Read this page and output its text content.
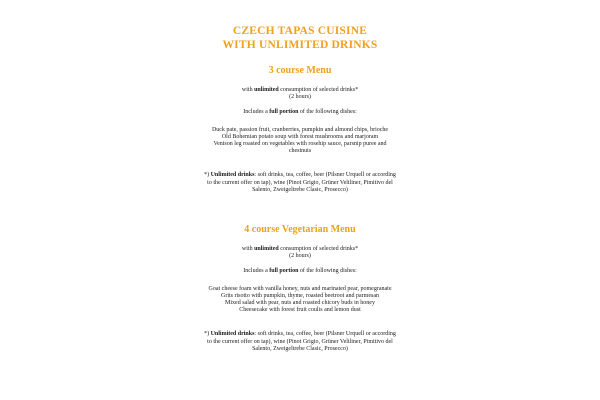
CZECH TAPAS CUISINE
WITH UNLIMITED DRINKS
3 course Menu
with unlimited consumption of selected drinks*
(2 hours)
Includes a full portion of the following dishes:
Duck pate, passion fruit, cranberries, pumpkin and almond chips, brioche
Old Bohemian potato soup with forest mushrooms and marjoram
Venison leg roasted on vegetables with rosehip sauce, parsnip puree and
chestnuts
*) Unlimited drinks: soft drinks, tea, coffee, beer (Pilsner Urquell or according
to the current offer on tap), wine (Pinot Grigio, Grüner Veltliner, Pimitivo del
Salento, Zweigeltrebe Clasic, Prosecco)
4 course Vegetarian Menu
with unlimited consumption of selected drinks*
(2 hours)
Includes a full portion of the following dishes:
Goat cheese foam with vanilla honey, nuts and marinated pear, pomegranate
Grits risotto with pumpkin, thyme, roasted beetroot and parmesan
Mixed salad with pear, nuts and roasted chicory buds in honey
Cheesecake with forest fruit coulis and lemon dust
*) Unlimited drinks: soft drinks, tea, coffee, beer (Pilsner Urquell or according
to the current offer on tap), wine (Pinot Grigio, Grüner Veltliner, Pimitivo del
Salento, Zweigeltrebe Clasic, Prosecco)
